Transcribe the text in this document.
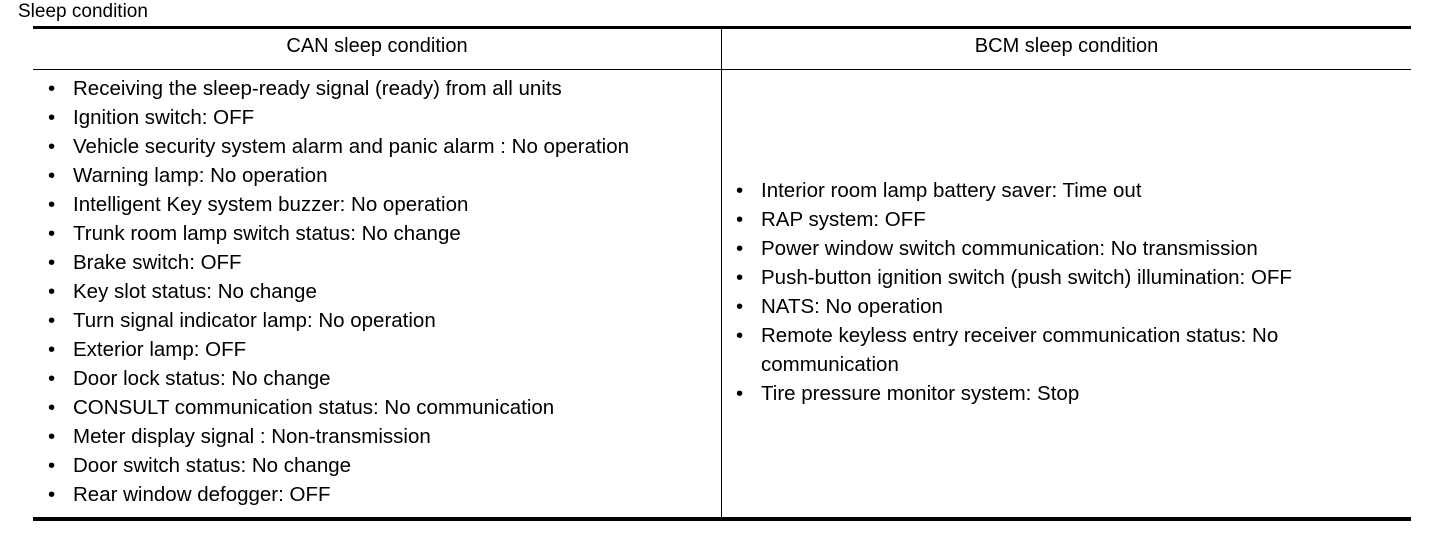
Sleep condition
CAN sleep condition	BCM sleep condition
• Receiving the sleep-ready signal (ready) from all units
• Ignition switch: OFF
• Vehicle security system alarm and panic alarm : No operation
• Warning lamp: No operation
• Intelligent Key system buzzer: No operation
• Trunk room lamp switch status: No change
• Brake switch: OFF
• Key slot status: No change
• Turn signal indicator lamp: No operation
• Exterior lamp: OFF
• Door lock status: No change
• CONSULT communication status: No communication
• Meter display signal : Non-transmission
• Door switch status: No change
• Rear window defogger: OFF
• Interior room lamp battery saver: Time out
• RAP system: OFF
• Power window switch communication: No transmission
• Push-button ignition switch (push switch) illumination: OFF
• NATS: No operation
• Remote keyless entry receiver communication status: No communication
• Tire pressure monitor system: Stop
